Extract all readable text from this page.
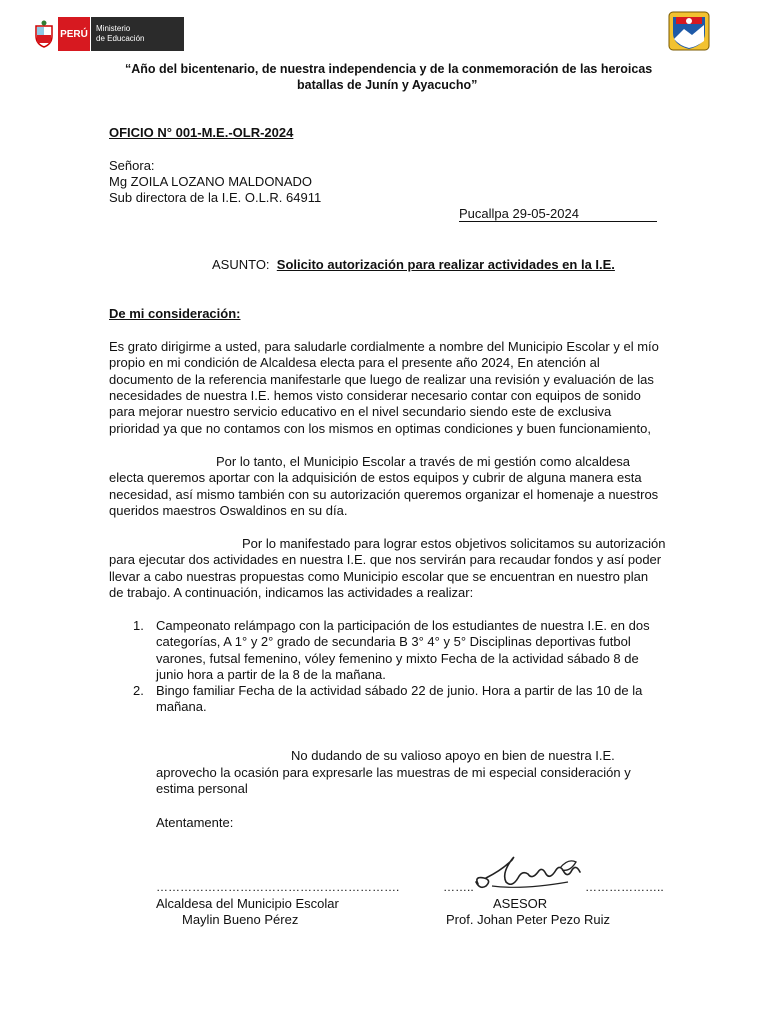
PERÚ Ministerio
de Educación
“Año del bicentenario, de nuestra independencia y de la conmemoración de las heroicas
batallas de Junín y Ayacucho”
OFICIO N° 001-M.E.-OLR-2024
Señora:
Mg ZOILA LOZANO MALDONADO
Sub directora de la I.E. O.L.R. 64911
Pucallpa 29-05-2024
ASUNTO: Solicito autorización para realizar actividades en la I.E.
De mi consideración:
Es grato dirigirme a usted, para saludarle cordialmente a nombre del Municipio Escolar y el mío
propio en mi condición de Alcaldesa electa para el presente año 2024, En atención al
documento de la referencia manifestarle que luego de realizar una revisión y evaluación de las
necesidades de nuestra I.E. hemos visto considerar necesario contar con equipos de sonido
para mejorar nuestro servicio educativo en el nivel secundario siendo este de exclusiva
prioridad ya que no contamos con los mismos en optimas condiciones y buen funcionamiento,
Por lo tanto, el Municipio Escolar a través de mi gestión como alcaldesa
electa queremos aportar con la adquisición de estos equipos y cubrir de alguna manera esta
necesidad, así mismo también con su autorización queremos organizar el homenaje a nuestros
queridos maestros Oswaldinos en su día.
Por lo manifestado para lograr estos objetivos solicitamos su autorización
para ejecutar dos actividades en nuestra I.E. que nos servirán para recaudar fondos y así poder
llevar a cabo nuestras propuestas como Municipio escolar que se encuentran en nuestro plan
de trabajo. A continuación, indicamos las actividades a realizar:
1. Campeonato relámpago con la participación de los estudiantes de nuestra I.E. en dos
categorías, A 1° y 2° grado de secundaria B 3° 4° y 5° Disciplinas deportivas futbol
varones, futsal femenino, vóley femenino y mixto Fecha de la actividad sábado 8 de
junio hora a partir de la 8 de la mañana.
2. Bingo familiar Fecha de la actividad sábado 22 de junio. Hora a partir de las 10 de la
mañana.
No dudando de su valioso apoyo en bien de nuestra I.E.
aprovecho la ocasión para expresarle las muestras de mi especial consideración y
estima personal
Atentamente:
…………………………………………………….
Alcaldesa del Municipio Escolar
Maylin Bueno Pérez
……..	………………..
ASESOR
Prof. Johan Peter Pezo Ruiz
